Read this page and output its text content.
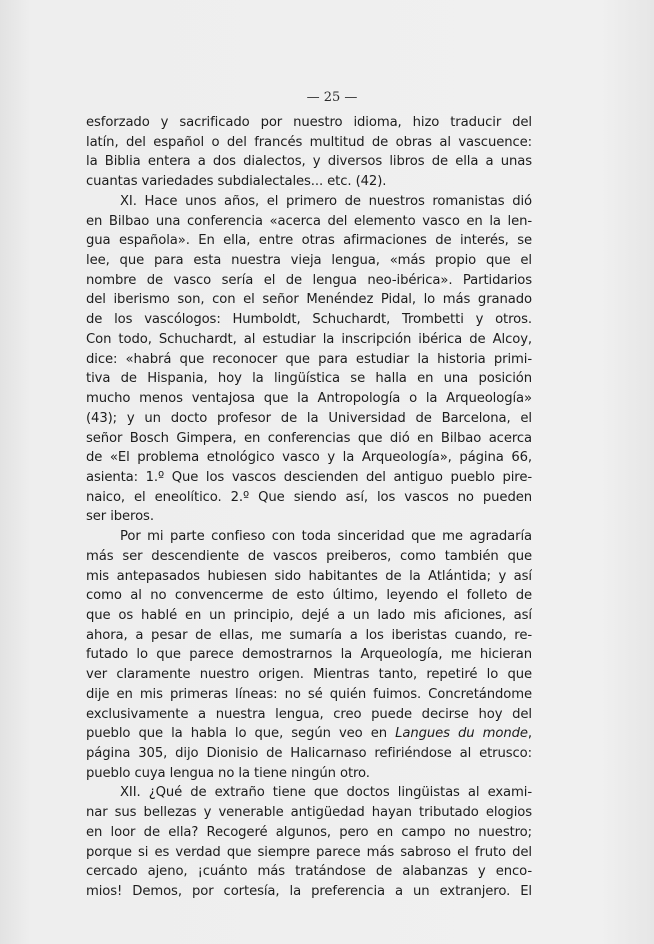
— 25 —
esforzado y sacrificado por nuestro idioma, hizo traducir del
latín, del español o del francés multitud de obras al vascuence:
la Biblia entera a dos dialectos, y diversos libros de ella a unas
cuantas variedades subdialectales... etc. (42).
XI. Hace unos años, el primero de nuestros romanistas dió
en Bilbao una conferencia «acerca del elemento vasco en la len-
gua española». En ella, entre otras afirmaciones de interés, se
lee, que para esta nuestra vieja lengua, «más propio que el
nombre de vasco sería el de lengua neo-ibérica». Partidarios
del iberismo son, con el señor Menéndez Pidal, lo más granado
de los vascólogos: Humboldt, Schuchardt, Trombetti y otros.
Con todo, Schuchardt, al estudiar la inscripción ibérica de Alcoy,
dice: «habrá que reconocer que para estudiar la historia primi-
tiva de Hispania, hoy la lingüística se halla en una posición
mucho menos ventajosa que la Antropología o la Arqueología»
(43); y un docto profesor de la Universidad de Barcelona, el
señor Bosch Gimpera, en conferencias que dió en Bilbao acerca
de «El problema etnológico vasco y la Arqueología», página 66,
asienta: 1.º Que los vascos descienden del antiguo pueblo pire-
naico, el eneolítico. 2.º Que siendo así, los vascos no pueden
ser iberos.
Por mi parte confieso con toda sinceridad que me agradaría
más ser descendiente de vascos preiberos, como también que
mis antepasados hubiesen sido habitantes de la Atlántida; y así
como al no convencerme de esto último, leyendo el folleto de
que os hablé en un principio, dejé a un lado mis aficiones, así
ahora, a pesar de ellas, me sumaría a los iberistas cuando, re-
futado lo que parece demostrarnos la Arqueología, me hicieran
ver claramente nuestro origen. Mientras tanto, repetiré lo que
dije en mis primeras líneas: no sé quién fuimos. Concretándome
exclusivamente a nuestra lengua, creo puede decirse hoy del
pueblo que la habla lo que, según veo en Langues du monde,
página 305, dijo Dionisio de Halicarnaso refiriéndose al etrusco:
pueblo cuya lengua no la tiene ningún otro.
XII. ¿Qué de extraño tiene que doctos lingüistas al exami-
nar sus bellezas y venerable antigüedad hayan tributado elogios
en loor de ella? Recogeré algunos, pero en campo no nuestro;
porque si es verdad que siempre parece más sabroso el fruto del
cercado ajeno, ¡cuánto más tratándose de alabanzas y enco-
mios! Demos, por cortesía, la preferencia a un extranjero. El
